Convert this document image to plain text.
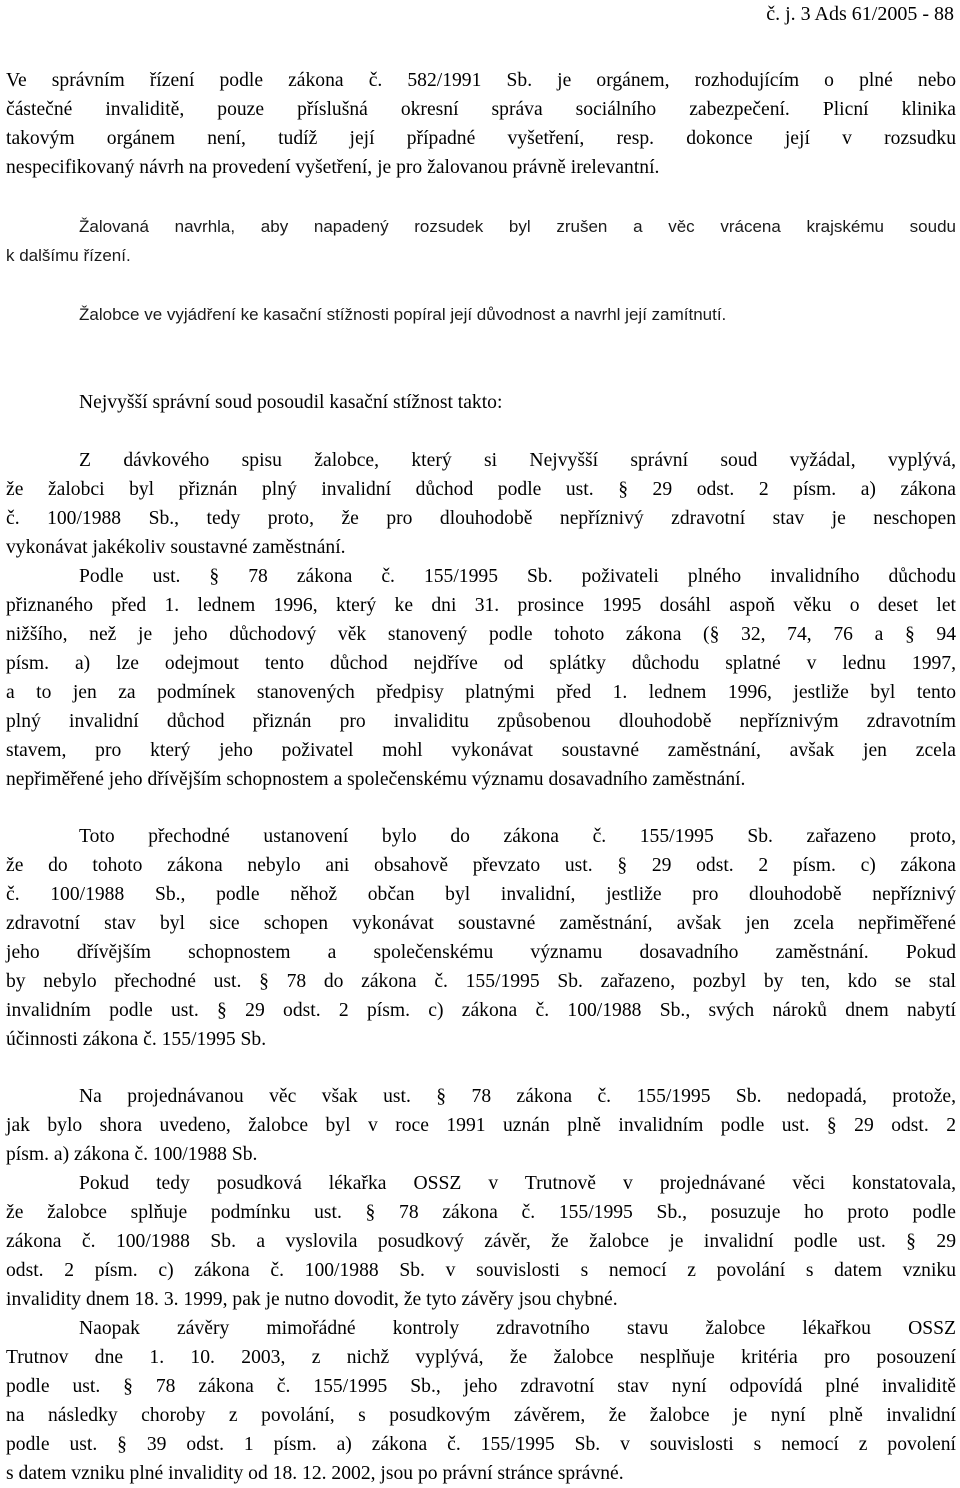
č. j. 3 Ads 61/2005 - 88
Ve správním řízení podle zákona č. 582/1991 Sb. je orgánem, rozhodujícím o plné nebo
částečné invaliditě, pouze příslušná okresní správa sociálního zabezpečení. Plicní klinika
takovým orgánem není, tudíž její případné vyšetření, resp. dokonce její v rozsudku
nespecifikovaný návrh na provedení vyšetření, je pro žalovanou právně irelevantní.
Žalovaná navrhla, aby napadený rozsudek byl zrušen a věc vrácena krajskému soudu
k dalšímu řízení.
Žalobce ve vyjádření ke kasační stížnosti popíral její důvodnost a navrhl její zamítnutí.
Nejvyšší správní soud posoudil kasační stížnost takto:
Z dávkového spisu žalobce, který si Nejvyšší správní soud vyžádal, vyplývá,
že žalobci byl přiznán plný invalidní důchod podle ust. § 29 odst. 2 písm. a) zákona
č. 100/1988 Sb., tedy proto, že pro dlouhodobě nepříznivý zdravotní stav je neschopen
vykonávat jakékoliv soustavné zaměstnání.
Podle ust. § 78 zákona č. 155/1995 Sb. poživateli plného invalidního důchodu
přiznaného před 1. lednem 1996, který ke dni 31. prosince 1995 dosáhl aspoň věku o deset let
nižšího, než je jeho důchodový věk stanovený podle tohoto zákona (§ 32, 74, 76 a § 94
písm. a) lze odejmout tento důchod nejdříve od splátky důchodu splatné v lednu 1997,
a to jen za podmínek stanovených předpisy platnými před 1. lednem 1996, jestliže byl tento
plný invalidní důchod přiznán pro invaliditu způsobenou dlouhodobě nepříznivým zdravotním
stavem, pro který jeho poživatel mohl vykonávat soustavné zaměstnání, avšak jen zcela
nepřiměřené jeho dřívějším schopnostem a společenskému významu dosavadního zaměstnání.
Toto přechodné ustanovení bylo do zákona č. 155/1995 Sb. zařazeno proto,
že do tohoto zákona nebylo ani obsahově převzato ust. § 29 odst. 2 písm. c) zákona
č. 100/1988 Sb., podle něhož občan byl invalidní, jestliže pro dlouhodobě nepříznivý
zdravotní stav byl sice schopen vykonávat soustavné zaměstnání, avšak jen zcela nepřiměřené
jeho dřívějším schopnostem a společenskému významu dosavadního zaměstnání. Pokud
by nebylo přechodné ust. § 78 do zákona č. 155/1995 Sb. zařazeno, pozbyl by ten, kdo se stal
invalidním podle ust. § 29 odst. 2 písm. c) zákona č. 100/1988 Sb., svých nároků dnem nabytí
účinnosti zákona č. 155/1995 Sb.
Na projednávanou věc však ust. § 78 zákona č. 155/1995 Sb. nedopadá, protože,
jak bylo shora uvedeno, žalobce byl v roce 1991 uznán plně invalidním podle ust. § 29 odst. 2
písm. a) zákona č. 100/1988 Sb.
Pokud tedy posudková lékařka OSSZ v Trutnově v projednávané věci konstatovala,
že žalobce splňuje podmínku ust. § 78 zákona č. 155/1995 Sb., posuzuje ho proto podle
zákona č. 100/1988 Sb. a vyslovila posudkový závěr, že žalobce je invalidní podle ust. § 29
odst. 2 písm. c) zákona č. 100/1988 Sb. v souvislosti s nemocí z povolání s datem vzniku
invalidity dnem 18. 3. 1999, pak je nutno dovodit, že tyto závěry jsou chybné.
Naopak závěry mimořádné kontroly zdravotního stavu žalobce lékařkou OSSZ
Trutnov dne 1. 10. 2003, z nichž vyplývá, že žalobce nesplňuje kritéria pro posouzení
podle ust. § 78 zákona č. 155/1995 Sb., jeho zdravotní stav nyní odpovídá plné invaliditě
na následky choroby z povolání, s posudkovým závěrem, že žalobce je nyní plně invalidní
podle ust. § 39 odst. 1 písm. a) zákona č. 155/1995 Sb. v souvislosti s nemocí z povolení
s datem vzniku plné invalidity od 18. 12. 2002, jsou po právní stránce správné.
